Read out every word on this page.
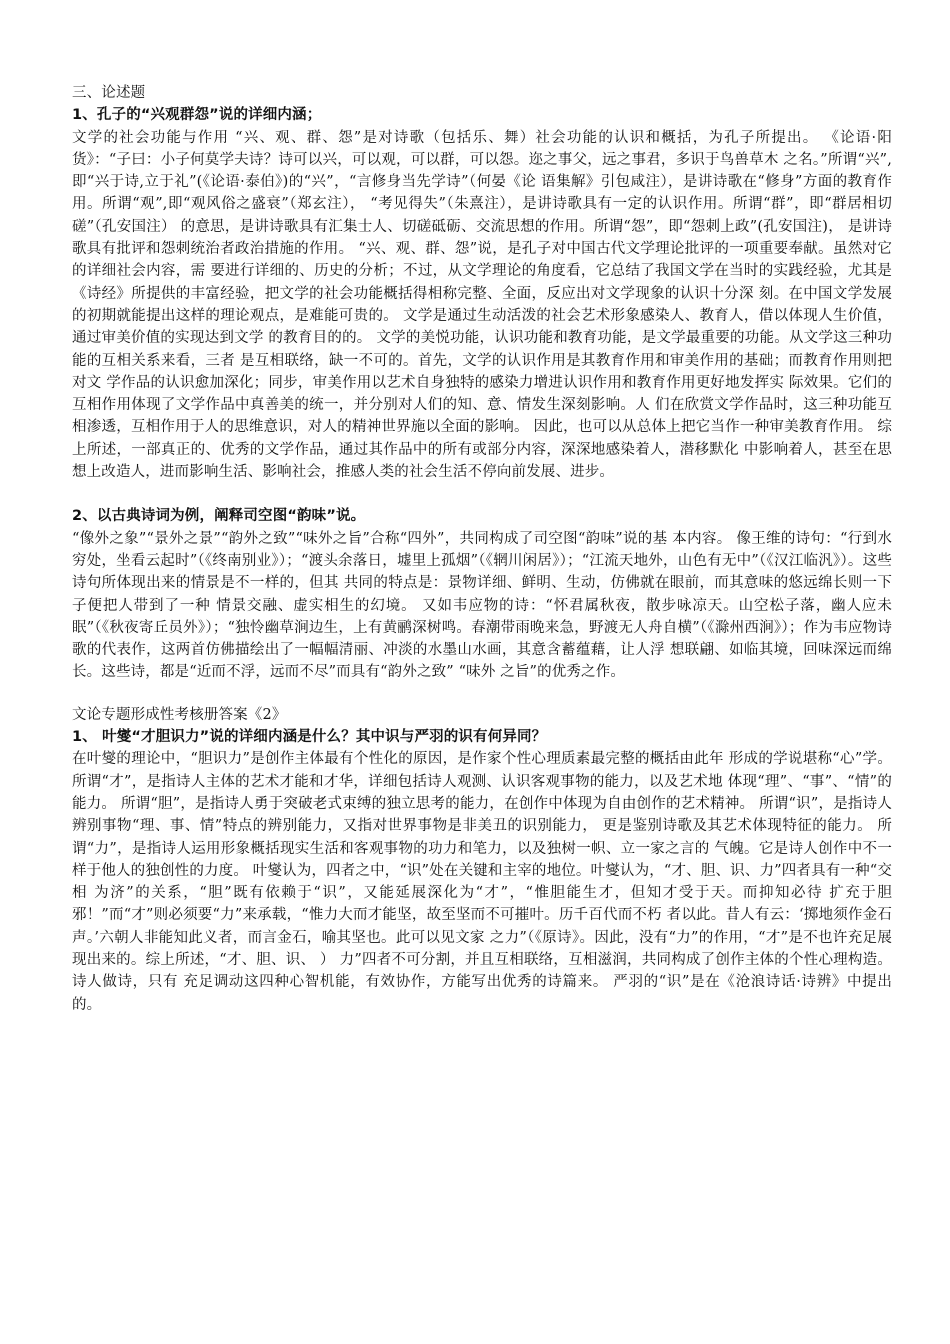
三、论述题

1、孔子的“兴观群怨”说的详细内涵；

文学的社会功能与作用 “兴、观、群、怨”是对诗歌（包括乐、舞）社会功能的认识和概括，为孔子所提出。 《论语·阳货》：“子曰：小子何莫学夫诗？诗可以兴，可以观，可以群，可以怨。迩之事父，远之事君，多识于鸟兽草木 之名。”所谓“兴”,即“兴于诗,立于礼”(《论语·泰伯》)的“兴”，“言修身当先学诗”（何晏《论 语集解》引包咸注），是讲诗歌在“修身”方面的教育作用。所谓“观”,即“观风俗之盛衰”（郑玄注）， “考见得失”（朱熹注），是讲诗歌具有一定的认识作用。所谓“群”，即“群居相切磋”（孔安国注） 的意思，是讲诗歌具有汇集士人、切磋砥砺、交流思想的作用。所谓“怨”，即“怨刺上政”(孔安国注)， 是讲诗歌具有批评和怨刺统治者政治措施的作用。 “兴、观、群、怨”说，是孔子对中国古代文学理论批评的一项重要奉献。虽然对它的详细社会内容，需 要进行详细的、历史的分析；不过，从文学理论的角度看，它总结了我国文学在当时的实践经验，尤其是 《诗经》所提供的丰富经验，把文学的社会功能概括得相称完整、全面，反应出对文学现象的认识十分深 刻。在中国文学发展的初期就能提出这样的理论观点，是难能可贵的。 文学是通过生动活泼的社会艺术形象感染人、教育人，借以体现人生价值，通过审美价值的实现达到文学 的教育目的的。 文学的美悦功能，认识功能和教育功能，是文学最重要的功能。从文学这三种功能的互相关系来看，三者 是互相联络，缺一不可的。首先，文学的认识作用是其教育作用和审美作用的基础；而教育作用则把对文 学作品的认识愈加深化；同步，审美作用以艺术自身独特的感染力增进认识作用和教育作用更好地发挥实 际效果。它们的互相作用体现了文学作品中真善美的统一，并分别对人们的知、意、情发生深刻影响。人 们在欣赏文学作品时，这三种功能互相渗透，互相作用于人的思维意识，对人的精神世界施以全面的影响。 因此，也可以从总体上把它当作一种审美教育作用。 综上所述，一部真正的、优秀的文学作品，通过其作品中的所有或部分内容，深深地感染着人，潜移默化 中影响着人，甚至在思想上改造人，进而影响生活、影响社会，推感人类的社会生活不停向前发展、进步。

2、以古典诗词为例，阐释司空图“韵味”说。

“像外之象”“景外之景”“韵外之致”“味外之旨”合称“四外”，共同构成了司空图“韵味”说的基 本内容。 像王维的诗句：“行到水穷处，坐看云起时”（《终南别业》）；“渡头余落日，墟里上孤烟”（《辋川闲居》）；“江流天地外，山色有无中”（《汉江临汎》）。这些诗句所体现出来的情景是不一样的，但其 共同的特点是：景物详细、鲜明、生动，仿佛就在眼前，而其意味的悠远绵长则一下子便把人带到了一种 情景交融、虚实相生的幻境。 又如韦应物的诗：“怀君属秋夜，散步咏凉天。山空松子落，幽人应未眠”（《秋夜寄丘员外》）；“独怜幽草涧边生，上有黄鹂深树鸣。春潮带雨晚来急，野渡无人舟自横”（《滁州西涧》）；作为韦应物诗歌的代表作，这两首仿佛描绘出了一幅幅清丽、冲淡的水墨山水画，其意含蓄蕴藉，让人浮 想联翩、如临其境，回味深远而绵长。这些诗，都是“近而不浮，远而不尽”而具有“韵外之致” “味外 之旨”的优秀之作。

文论专题形成性考核册答案《2》

1、 叶燮“才胆识力”说的详细内涵是什么？其中识与严羽的识有何异同？

在叶燮的理论中，“胆识力”是创作主体最有个性化的原因，是作家个性心理质素最完整的概括由此年 形成的学说堪称“心”学。 所谓“才”，是指诗人主体的艺术才能和才华，详细包括诗人观测、认识客观事物的能力，以及艺术地 体现“理”、“事”、“情”的能力。 所谓“胆”，是指诗人勇于突破老式束缚的独立思考的能力，在创作中体现为自由创作的艺术精神。 所谓“识”，是指诗人辨别事物“理、事、情”特点的辨别能力，又指对世界事物是非美丑的识别能力， 更是鉴别诗歌及其艺术体现特征的能力。 所谓“力”，是指诗人运用形象概括现实生活和客观事物的功力和笔力，以及独树一帜、立一家之言的 气魄。它是诗人创作中不一样于他人的独创性的力度。 叶燮认为，四者之中，“识”处在关键和主宰的地位。叶燮认为，“才、胆、识、力”四者具有一种“交相 为济”的关系，“胆”既有依赖于“识”，又能延展深化为“才”，“惟胆能生才，但知才受于天。而抑知必待 扩充于胆邪！”而“才”则必须要“力”来承载，“惟力大而才能坚，故至坚而不可摧叶。历千百代而不朽 者以此。昔人有云：‘掷地须作金石声。’六朝人非能知此义者，而言金石，喻其坚也。此可以见文家 之力”（《原诗》。因此，没有“力”的作用，“才”是不也许充足展现出来的。综上所述，“才、胆、识、 ） 力”四者不可分割，并且互相联络，互相滋润，共同构成了创作主体的个性心理构造。诗人做诗，只有 充足调动这四种心智机能，有效协作，方能写出优秀的诗篇来。 严羽的“识”是在《沧浪诗话·诗辨》中提出的。
